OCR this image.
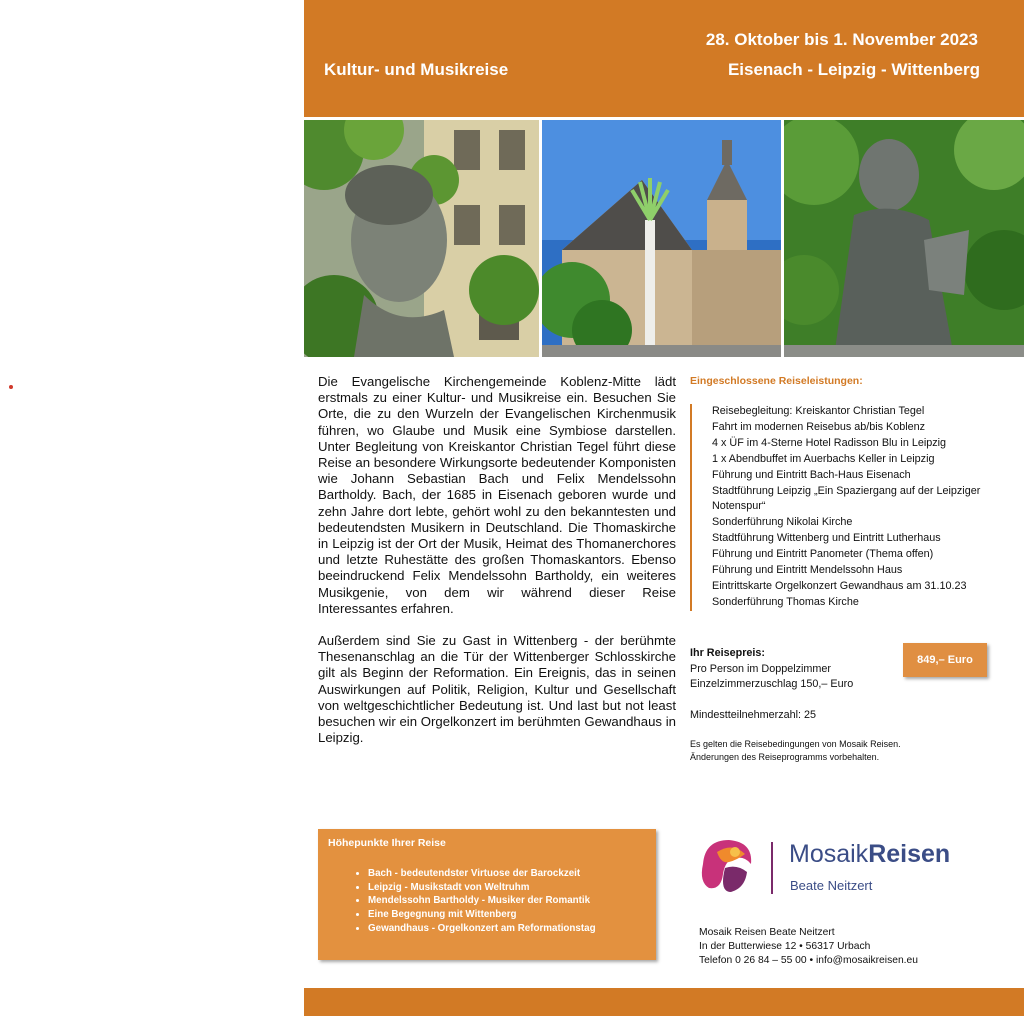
Kultur- und Musikreise
28. Oktober bis 1. November 2023
Eisenach - Leipzig - Wittenberg

Die Evangelische Kirchengemeinde Koblenz-Mitte lädt erstmals zu einer Kultur- und Musikreise ein. Besuchen Sie Orte, die zu den Wurzeln der Evangelischen Kirchenmusik führen, wo Glaube und Musik eine Symbiose darstellen. Unter Begleitung von Kreiskantor Christian Tegel führt diese Reise an besondere Wirkungsorte bedeutender Komponisten wie Johann Sebastian Bach und Felix Mendelssohn Bartholdy. Bach, der 1685 in Eisenach geboren wurde und zehn Jahre dort lebte, gehört wohl zu den bekanntesten und bedeutendsten Musikern in Deutschland. Die Thomaskirche in Leipzig ist der Ort der Musik, Heimat des Thomanerchores und letzte Ruhestätte des großen Thomaskantors. Ebenso beeindruckend Felix Mendelssohn Bartholdy, ein weiteres Musikgenie, von dem wir während dieser Reise Interessantes erfahren.

Außerdem sind Sie zu Gast in Wittenberg - der berühmte Thesenanschlag an die Tür der Wittenberger Schlosskirche gilt als Beginn der Reformation. Ein Ereignis, das in seinen Auswirkungen auf Politik, Religion, Kultur und Gesellschaft von weltgeschichtlicher Bedeutung ist. Und last but not least besuchen wir ein Orgelkonzert im berühmten Gewandhaus in Leipzig.

Eingeschlossene Reiseleistungen:
Reisebegleitung: Kreiskantor Christian Tegel
Fahrt im modernen Reisebus ab/bis Koblenz
4 x ÜF im 4-Sterne Hotel Radisson Blu in Leipzig
1 x Abendbuffet im Auerbachs Keller in Leipzig
Führung und Eintritt Bach-Haus Eisenach
Stadtführung Leipzig „Ein Spaziergang auf der Leipziger Notenspur“
Sonderführung Nikolai Kirche
Stadtführung Wittenberg und Eintritt Lutherhaus
Führung und Eintritt Panometer (Thema offen)
Führung und Eintritt Mendelssohn Haus
Eintrittskarte Orgelkonzert Gewandhaus am 31.10.23
Sonderführung Thomas Kirche
Ihr Reisepreis:
Pro Person im Doppelzimmer
Einzelzimmerzuschlag 150,– Euro
849,– Euro
Mindestteilnehmerzahl: 25
Es gelten die Reisebedingungen von Mosaik Reisen.
Änderungen des Reiseprogramms vorbehalten.
Höhepunkte Ihrer Reise
• Bach - bedeutendster Virtuose der Barockzeit
• Leipzig - Musikstadt von Weltruhm
• Mendelssohn Bartholdy - Musiker der Romantik
• Eine Begegnung mit Wittenberg
• Gewandhaus - Orgelkonzert am Reformationstag
MosaikReisen
Beate Neitzert
Mosaik Reisen Beate Neitzert
In der Butterwiese 12 • 56317 Urbach
Telefon 0 26 84 – 55 00 • info@mosaikreisen.eu
